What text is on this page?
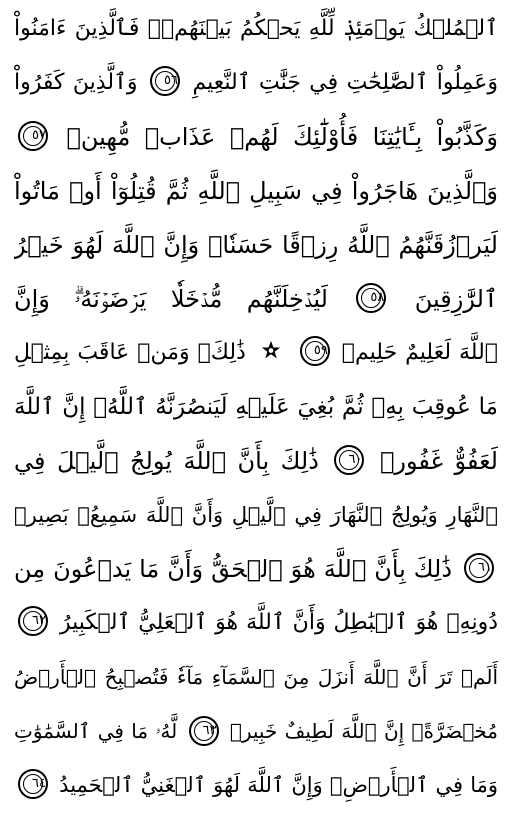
ٱلۡمُلۡكُ يَوۡمَئِذٖ لِّلَّهِ يَحۡكُمُ بَيۡنَهُمۡۚ فَٱلَّذِينَ ءَامَنُواْ
وَعَمِلُواْ ٱلصَّٰلِحَٰتِ فِي جَنَّٰتِ ٱلنَّعِيمِ ٥٦ وَٱلَّذِينَ كَفَرُواْ
وَكَذَّبُواْ بِـَٔايَٰتِنَا فَأُوْلَٰٓئِكَ لَهُمۡ عَذَابٞ مُّهِينٞ ٥٧
وَٱلَّذِينَ هَاجَرُواْ فِي سَبِيلِ ٱللَّهِ ثُمَّ قُتِلُوٓاْ أَوۡ مَاتُواْ
لَيَرۡزُقَنَّهُمُ ٱللَّهُ رِزۡقًا حَسَنٗاۚ وَإِنَّ ٱللَّهَ لَهُوَ خَيۡرُ
ٱلرَّٰزِقِينَ ٥٨ لَيُدۡخِلَنَّهُم مُّدۡخَلٗا يَرۡضَوۡنَهُۥۗ وَإِنَّ
ٱللَّهَ لَعَلِيمٌ حَلِيمٞ ٥٩  ذَٰلِكَۖ وَمَنۡ عَاقَبَ بِمِثۡلِ
مَا عُوقِبَ بِهِۦ ثُمَّ بُغِيَ عَلَيۡهِ لَيَنصُرَنَّهُ ٱللَّهُۚ إِنَّ ٱللَّهَ
لَعَفُوٌّ غَفُورٞ ٦٠ ذَٰلِكَ بِأَنَّ ٱللَّهَ يُولِجُ ٱلَّيۡلَ فِي
ٱلنَّهَارِ وَيُولِجُ ٱلنَّهَارَ فِي ٱلَّيۡلِ وَأَنَّ ٱللَّهَ سَمِيعُۢ بَصِيرٞ
٦١ ذَٰلِكَ بِأَنَّ ٱللَّهَ هُوَ ٱلۡحَقُّ وَأَنَّ مَا يَدۡعُونَ مِن
دُونِهِۦ هُوَ ٱلۡبَٰطِلُ وَأَنَّ ٱللَّهَ هُوَ ٱلۡعَلِيُّ ٱلۡكَبِيرُ ٦٢
أَلَمۡ تَرَ أَنَّ ٱللَّهَ أَنزَلَ مِنَ ٱلسَّمَآءِ مَآءٗ فَتُصۡبِحُ ٱلۡأَرۡضُ
مُخۡضَرَّةًۚ إِنَّ ٱللَّهَ لَطِيفٌ خَبِيرٞ ٦٣ لَّهُۥ مَا فِي ٱلسَّمَٰوَٰتِ
وَمَا فِي ٱلۡأَرۡضِۗ وَإِنَّ ٱللَّهَ لَهُوَ ٱلۡغَنِيُّ ٱلۡحَمِيدُ ٦٤
